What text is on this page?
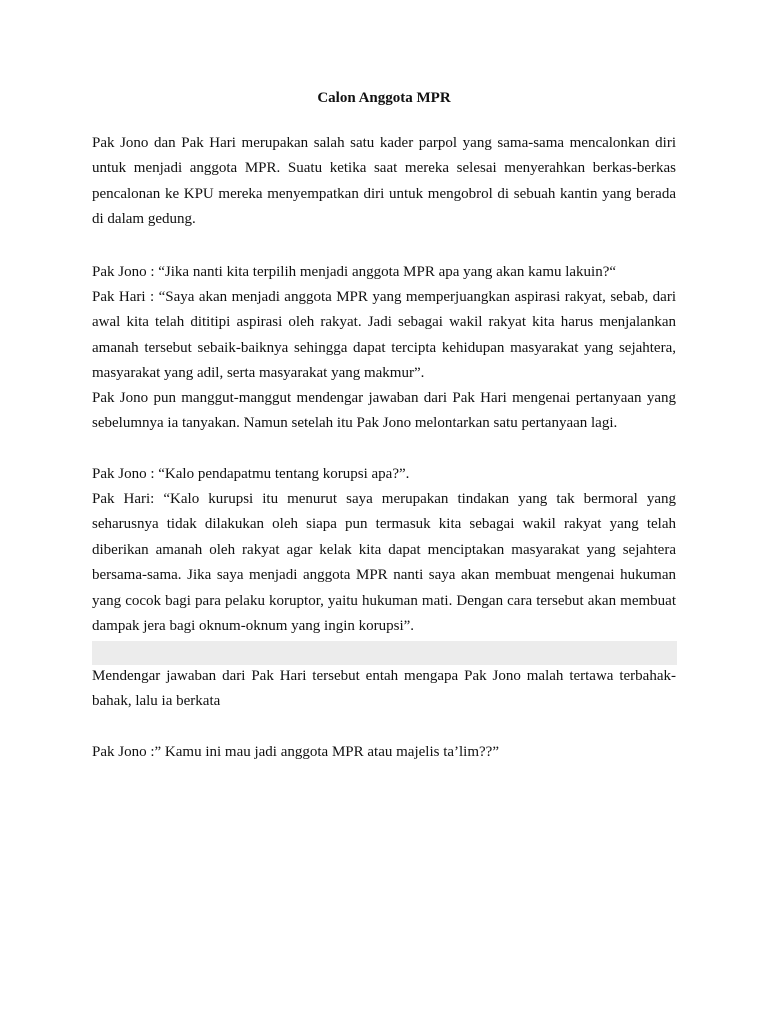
Calon Anggota MPR

Pak Jono dan Pak Hari merupakan salah satu kader parpol yang sama-sama mencalonkan diri untuk menjadi anggota MPR. Suatu ketika saat mereka selesai menyerahkan berkas-berkas pencalonan ke KPU mereka menyempatkan diri untuk mengobrol di sebuah kantin yang berada di dalam gedung.

Pak Jono : “Jika nanti kita terpilih menjadi anggota MPR apa yang akan kamu lakuin?“

Pak Hari : “Saya akan menjadi anggota MPR yang memperjuangkan aspirasi rakyat, sebab, dari awal kita telah dititipi aspirasi oleh rakyat. Jadi sebagai wakil rakyat kita harus menjalankan amanah tersebut sebaik-baiknya sehingga dapat tercipta kehidupan masyarakat yang sejahtera, masyarakat yang adil, serta masyarakat yang makmur”.

Pak Jono pun manggut-manggut mendengar jawaban dari Pak Hari mengenai pertanyaan yang sebelumnya ia tanyakan. Namun setelah itu Pak Jono melontarkan satu pertanyaan lagi.

Pak Jono : “Kalo pendapatmu tentang korupsi apa?”.

Pak Hari: “Kalo kurupsi itu menurut saya merupakan tindakan yang tak bermoral yang seharusnya tidak dilakukan oleh siapa pun termasuk kita sebagai wakil rakyat yang telah diberikan amanah oleh rakyat agar kelak kita dapat menciptakan masyarakat yang sejahtera bersama-sama. Jika saya menjadi anggota MPR nanti saya akan membuat mengenai hukuman yang cocok bagi para pelaku koruptor, yaitu hukuman mati. Dengan cara tersebut akan membuat dampak jera bagi oknum-oknum yang ingin korupsi”.

Mendengar jawaban dari Pak Hari tersebut entah mengapa Pak Jono malah tertawa terbahak-bahak, lalu ia berkata

Pak Jono :” Kamu ini mau jadi anggota MPR atau majelis ta’lim??”
